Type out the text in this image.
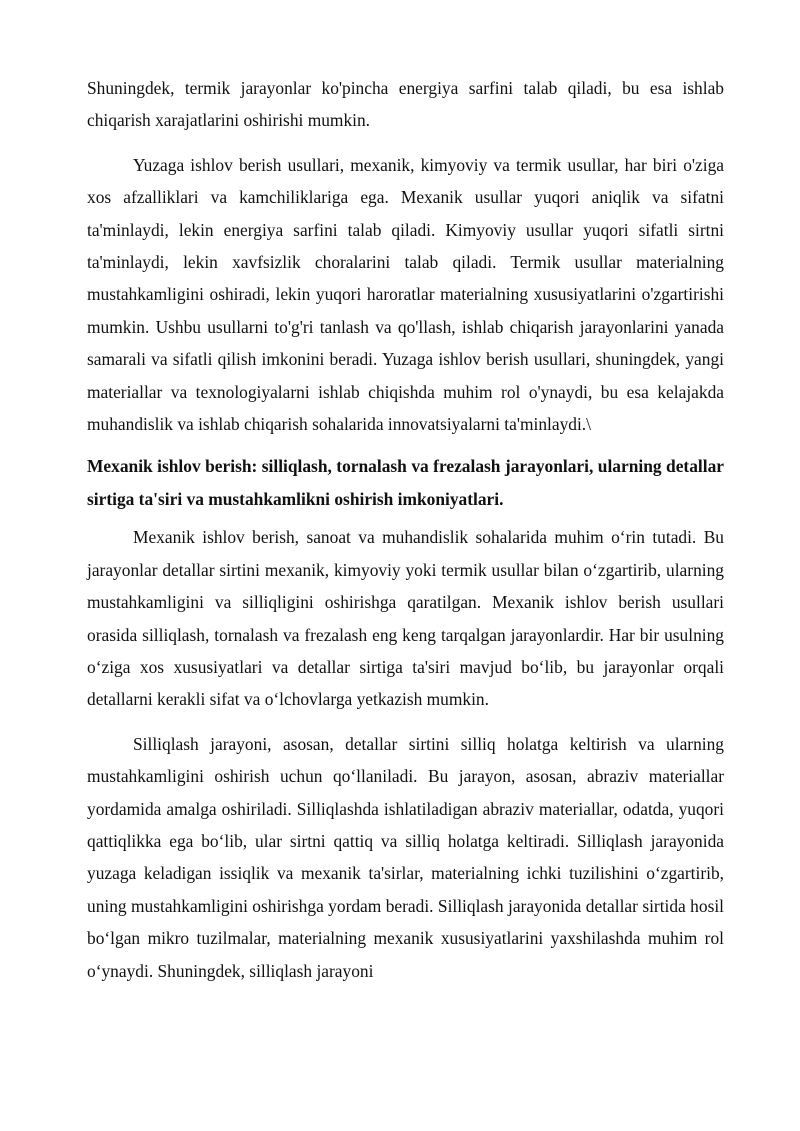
Shuningdek, termik jarayonlar ko'pincha energiya sarfini talab qiladi, bu esa ishlab chiqarish xarajatlarini oshirishi mumkin.

Yuzaga ishlov berish usullari, mexanik, kimyoviy va termik usullar, har biri o'ziga xos afzalliklari va kamchiliklariga ega. Mexanik usullar yuqori aniqlik va sifatni ta'minlaydi, lekin energiya sarfini talab qiladi. Kimyoviy usullar yuqori sifatli sirtni ta'minlaydi, lekin xavfsizlik choralarini talab qiladi. Termik usullar materialning mustahkamligini oshiradi, lekin yuqori haroratlar materialning xususiyatlarini o'zgartirishi mumkin. Ushbu usullarni to'g'ri tanlash va qo'llash, ishlab chiqarish jarayonlarini yanada samarali va sifatli qilish imkonini beradi. Yuzaga ishlov berish usullari, shuningdek, yangi materiallar va texnologiyalarni ishlab chiqishda muhim rol o'ynaydi, bu esa kelajakda muhandislik va ishlab chiqarish sohalarida innovatsiyalarni ta'minlaydi.\

Mexanik ishlov berish: silliqlash, tornalash va frezalash jarayonlari, ularning detallar sirtiga ta'siri va mustahkamlikni oshirish imkoniyatlari.

Mexanik ishlov berish, sanoat va muhandislik sohalarida muhim o‘rin tutadi. Bu jarayonlar detallar sirtini mexanik, kimyoviy yoki termik usullar bilan o‘zgartirib, ularning mustahkamligini va silliqligini oshirishga qaratilgan. Mexanik ishlov berish usullari orasida silliqlash, tornalash va frezalash eng keng tarqalgan jarayonlardir. Har bir usulning o‘ziga xos xususiyatlari va detallar sirtiga ta'siri mavjud bo‘lib, bu jarayonlar orqali detallarni kerakli sifat va o‘lchovlarga yetkazish mumkin.

Silliqlash jarayoni, asosan, detallar sirtini silliq holatga keltirish va ularning mustahkamligini oshirish uchun qo‘llaniladi. Bu jarayon, asosan, abraziv materiallar yordamida amalga oshiriladi. Silliqlashda ishlatiladigan abraziv materiallar, odatda, yuqori qattiqlikka ega bo‘lib, ular sirtni qattiq va silliq holatga keltiradi. Silliqlash jarayonida yuzaga keladigan issiqlik va mexanik ta'sirlar, materialning ichki tuzilishini o‘zgartirib, uning mustahkamligini oshirishga yordam beradi. Silliqlash jarayonida detallar sirtida hosil bo‘lgan mikro tuzilmalar, materialning mexanik xususiyatlarini yaxshilashda muhim rol o‘ynaydi. Shuningdek, silliqlash jarayoni
